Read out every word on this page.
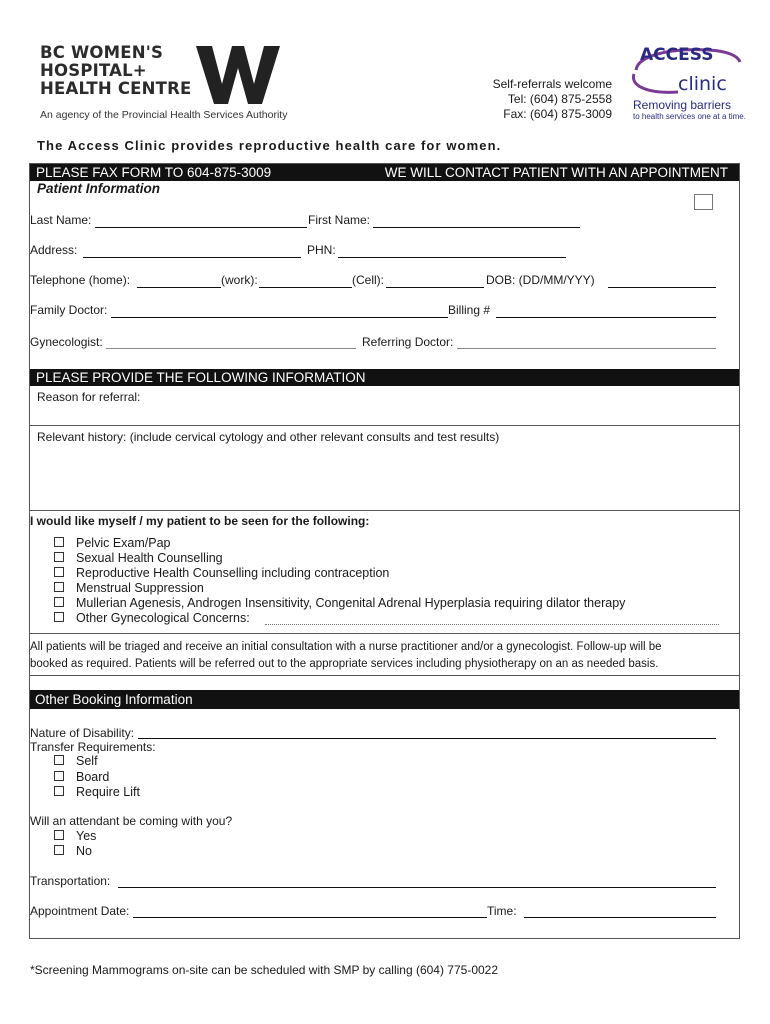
BC WOMEN'S
HOSPITAL+
HEALTH CENTRE
An agency of the Provincial Health Services Authority
Self-referrals welcome
Tel: (604) 875-2558
Fax: (604) 875-3009
ACCESS
clinic
Removing barriers
to health services one at a time.
The Access Clinic provides reproductive health care for women.
PLEASE FAX FORM TO 604-875-3009	WE WILL CONTACT PATIENT WITH AN APPOINTMENT
Patient Information
Last Name:	First Name:
Address:	PHN:
Telephone (home):	(work):	(Cell):	DOB: (DD/MM/YYY)
Family Doctor:	Billing #
Gynecologist:	Referring Doctor:
PLEASE PROVIDE THE FOLLOWING INFORMATION
Reason for referral:
Relevant history: (include cervical cytology and other relevant consults and test results)
I would like myself / my patient to be seen for the following:
Pelvic Exam/Pap
Sexual Health Counselling
Reproductive Health Counselling including contraception
Menstrual Suppression
Mullerian Agenesis, Androgen Insensitivity, Congenital Adrenal Hyperplasia requiring dilator therapy
Other Gynecological Concerns:
All patients will be triaged and receive an initial consultation with a nurse practitioner and/or a gynecologist. Follow-up will be
booked as required. Patients will be referred out to the appropriate services including physiotherapy on an as needed basis.
Other Booking Information
Nature of Disability:
Transfer Requirements:
Self
Board
Require Lift
Will an attendant be coming with you?
Yes
No
Transportation:
Appointment Date:	Time:
*Screening Mammograms on-site can be scheduled with SMP by calling (604) 775-0022
